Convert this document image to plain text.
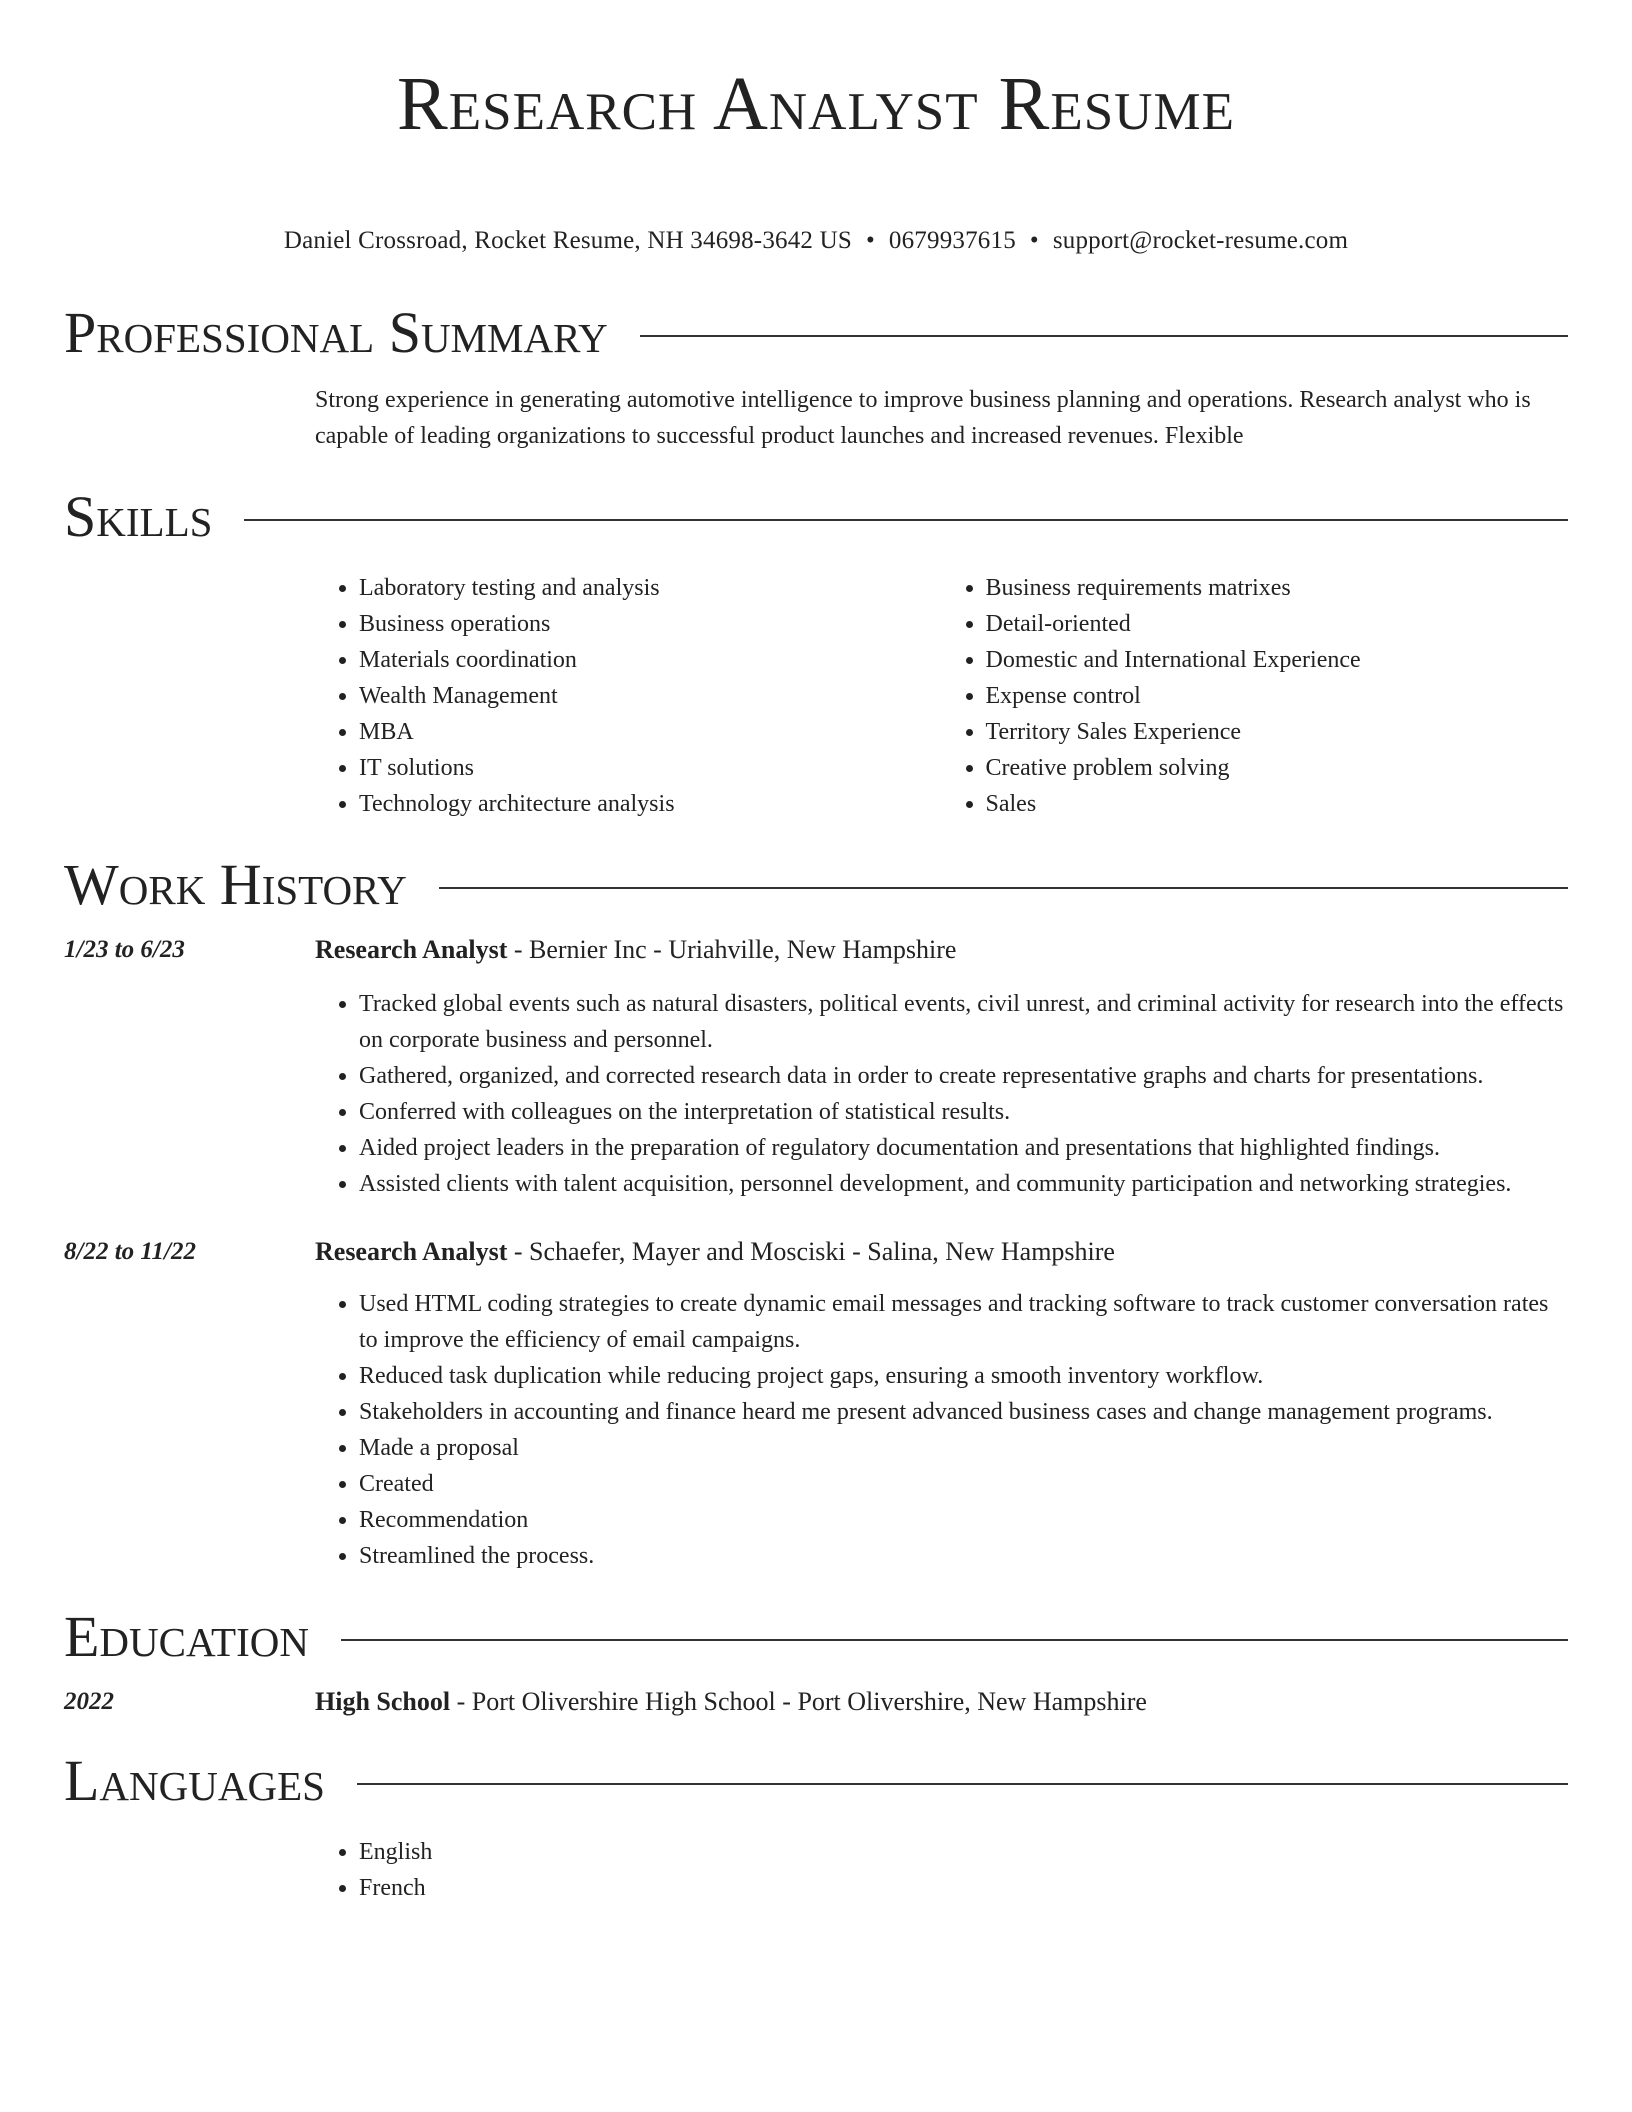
Research Analyst Resume
Daniel Crossroad, Rocket Resume, NH 34698-3642 US • 0679937615 • support@rocket-resume.com
Professional Summary
Strong experience in generating automotive intelligence to improve business planning and operations. Research analyst who is capable of leading organizations to successful product launches and increased revenues. Flexible
Skills
• Laboratory testing and analysis
• Business operations
• Materials coordination
• Wealth Management
• MBA
• IT solutions
• Technology architecture analysis
• Business requirements matrixes
• Detail-oriented
• Domestic and International Experience
• Expense control
• Territory Sales Experience
• Creative problem solving
• Sales
Work History
1/23 to 6/23	Research Analyst - Bernier Inc - Uriahville, New Hampshire
• Tracked global events such as natural disasters, political events, civil unrest, and criminal activity for research into the effects on corporate business and personnel.
• Gathered, organized, and corrected research data in order to create representative graphs and charts for presentations.
• Conferred with colleagues on the interpretation of statistical results.
• Aided project leaders in the preparation of regulatory documentation and presentations that highlighted findings.
• Assisted clients with talent acquisition, personnel development, and community participation and networking strategies.
8/22 to 11/22	Research Analyst - Schaefer, Mayer and Mosciski - Salina, New Hampshire
• Used HTML coding strategies to create dynamic email messages and tracking software to track customer conversation rates to improve the efficiency of email campaigns.
• Reduced task duplication while reducing project gaps, ensuring a smooth inventory workflow.
• Stakeholders in accounting and finance heard me present advanced business cases and change management programs.
• Made a proposal
• Created
• Recommendation
• Streamlined the process.
Education
2022	High School - Port Olivershire High School - Port Olivershire, New Hampshire
Languages
• English
• French
